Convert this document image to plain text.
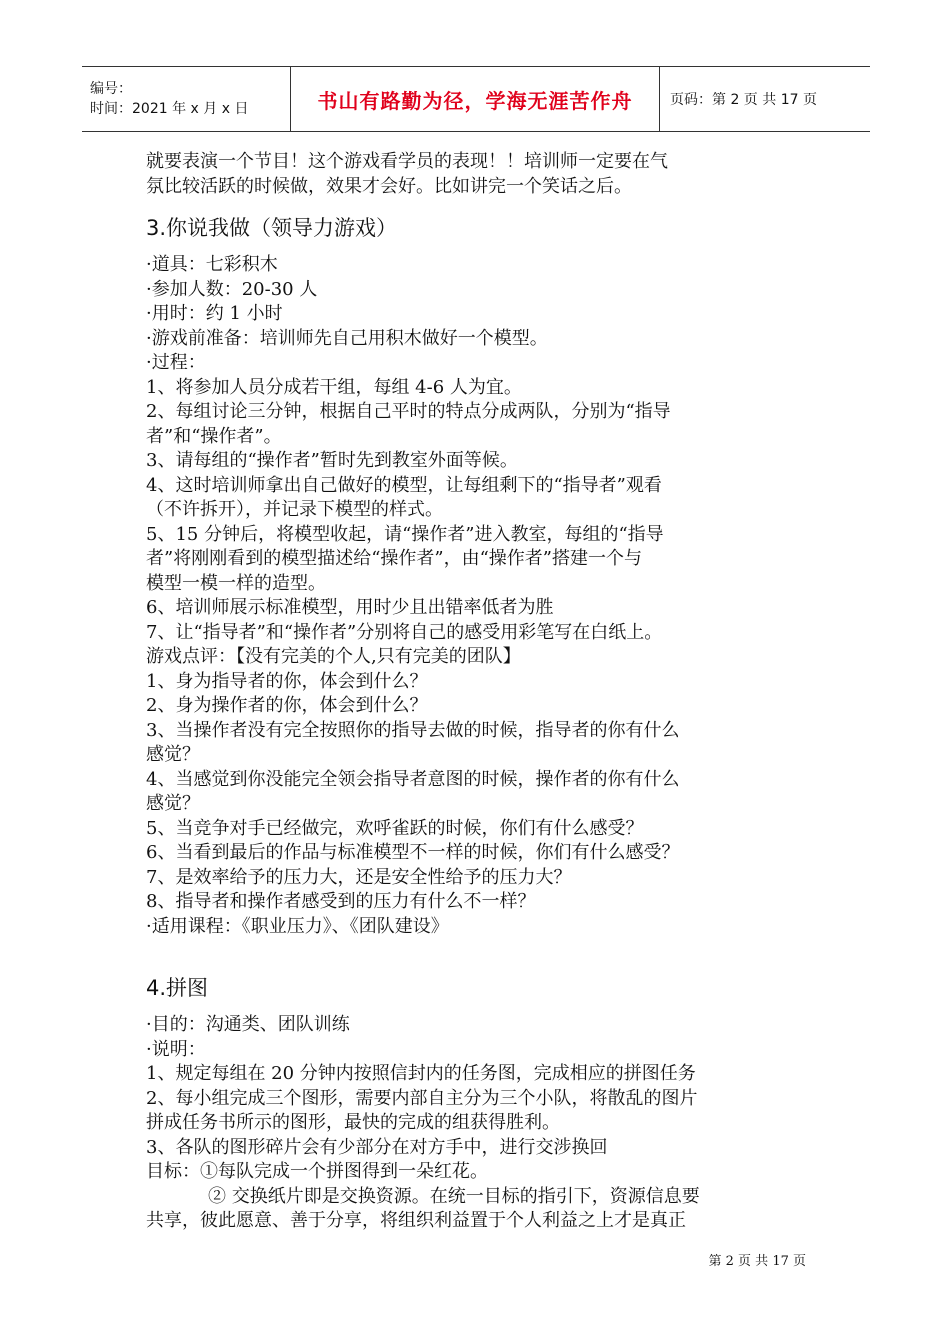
编号：
时间：2021 年 x 月 x 日	书山有路勤为径，学海无涯苦作舟	页码：第 2 页 共 17 页

就要表演一个节目！这个游戏看学员的表现！！培训师一定要在气

氛比较活跃的时候做，效果才会好。比如讲完一个笑话之后。

3.你说我做（领导力游戏）

·道具：七彩积木

·参加人数：20-30 人

·用时：约 1 小时

·游戏前准备：培训师先自己用积木做好一个模型。

·过程：

1、将参加人员分成若干组，每组 4-6 人为宜。

2、每组讨论三分钟，根据自己平时的特点分成两队，分别为“指导

者”和“操作者”。

3、请每组的“操作者”暂时先到教室外面等候。

4、这时培训师拿出自己做好的模型，让每组剩下的“指导者”观看

（不许拆开），并记录下模型的样式。

5、15 分钟后，将模型收起，请“操作者”进入教室，每组的“指导

者”将刚刚看到的模型描述给“操作者”，由“操作者”搭建一个与

模型一模一样的造型。

6、培训师展示标准模型，用时少且出错率低者为胜

7、让“指导者”和“操作者”分别将自己的感受用彩笔写在白纸上。

游戏点评：【没有完美的个人,只有完美的团队】

1、身为指导者的你，体会到什么？

2、身为操作者的你，体会到什么？

3、当操作者没有完全按照你的指导去做的时候，指导者的你有什么

感觉？

4、当感觉到你没能完全领会指导者意图的时候，操作者的你有什么

感觉？

5、当竞争对手已经做完，欢呼雀跃的时候，你们有什么感受？

6、当看到最后的作品与标准模型不一样的时候，你们有什么感受？

7、是效率给予的压力大，还是安全性给予的压力大？

8、指导者和操作者感受到的压力有什么不一样？

·适用课程：《职业压力》、《团队建设》

4.拼图

·目的：沟通类、团队训练

·说明：

1、规定每组在 20 分钟内按照信封内的任务图，完成相应的拼图任务

2、每小组完成三个图形，需要内部自主分为三个小队，将散乱的图片

拼成任务书所示的图形，最快的完成的组获得胜利。

3、各队的图形碎片会有少部分在对方手中，进行交涉换回

目标：①每队完成一个拼图得到一朵红花。

② 交换纸片即是交换资源。在统一目标的指引下，资源信息要

共享，彼此愿意、善于分享，将组织利益置于个人利益之上才是真正

第 2 页 共 17 页
